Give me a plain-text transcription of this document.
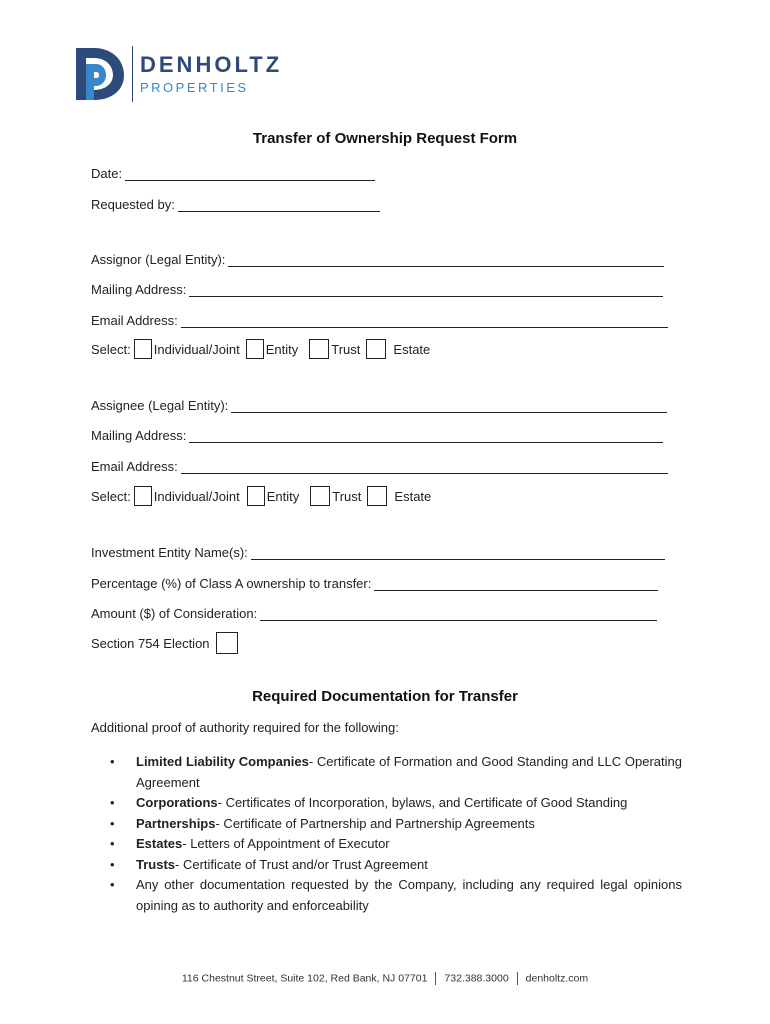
DENHOLTZ
PROPERTIES
Transfer of Ownership Request Form
Date:
Requested by:
Assignor (Legal Entity):
Mailing Address:
Email Address:
Select: Individual/Joint Entity	Trust	Estate
Assignee (Legal Entity):
Mailing Address:
Email Address:
Select: Individual/Joint Entity	Trust	Estate
Investment Entity Name(s):
Percentage (%) of Class A ownership to transfer:
Amount ($) of Consideration:
Section 754 Election
Required Documentation for Transfer
Additional proof of authority required for the following:
• Limited Liability Companies- Certificate of Formation and Good Standing and LLC Operating Agreement
• Corporations- Certificates of Incorporation, bylaws, and Certificate of Good Standing
• Partnerships- Certificate of Partnership and Partnership Agreements
• Estates- Letters of Appointment of Executor
• Trusts- Certificate of Trust and/or Trust Agreement
• Any other documentation requested by the Company, including any required legal opinions opining as to authority and enforceability
116 Chestnut Street, Suite 102, Red Bank, NJ 07701 732.388.3000 denholtz.com
